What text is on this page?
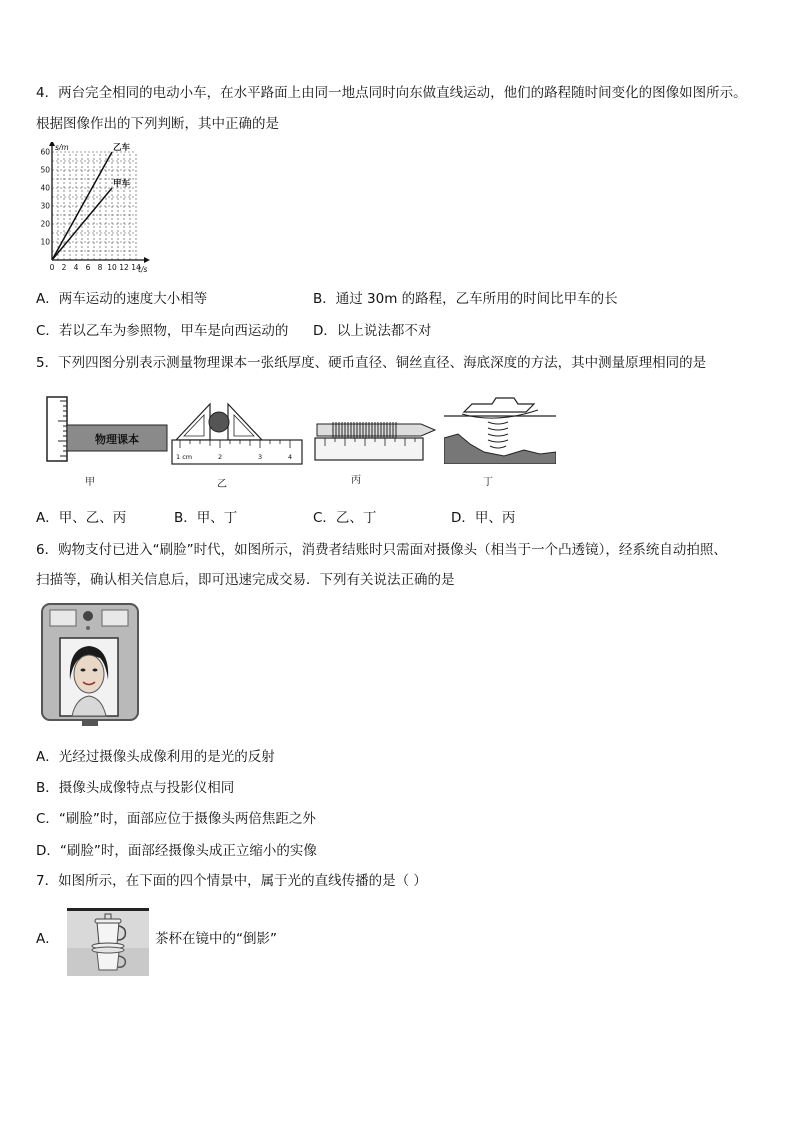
4．两台完全相同的电动小车，在水平路面上由同一地点同时向东做直线运动，他们的路程随时间变化的图像如图所示。
根据图像作出的下列判断，其中正确的是
0 2 4 6 8 10 12 14
10
20
30
40
50
60 s/m
t/s
乙车
甲车
A．两车运动的速度大小相等	B．通过 30m 的路程，乙车所用的时间比甲车的长
C．若以乙车为参照物，甲车是向西运动的 D．以上说法都不对
5．下列四图分别表示测量物理课本一张纸厚度、硬币直径、铜丝直径、海底深度的方法，其中测量原理相同的是
物理课本
甲
1 cm	2	3	4
乙	丙	丁
A．甲、乙、丙	B．甲、丁	C．乙、丁	D．甲、丙
6．购物支付已进入“刷脸”时代，如图所示，消费者结账时只需面对摄像头（相当于一个凸透镜），经系统自动拍照、
扫描等，确认相关信息后，即可迅速完成交易．下列有关说法正确的是
A．光经过摄像头成像利用的是光的反射
B．摄像头成像特点与投影仪相同
C．“刷脸”时，面部应位于摄像头两倍焦距之外
D．“刷脸”时，面部经摄像头成正立缩小的实像
7．如图所示，在下面的四个情景中，属于光的直线传播的是（ ）
A．	茶杯在镜中的“倒影”
